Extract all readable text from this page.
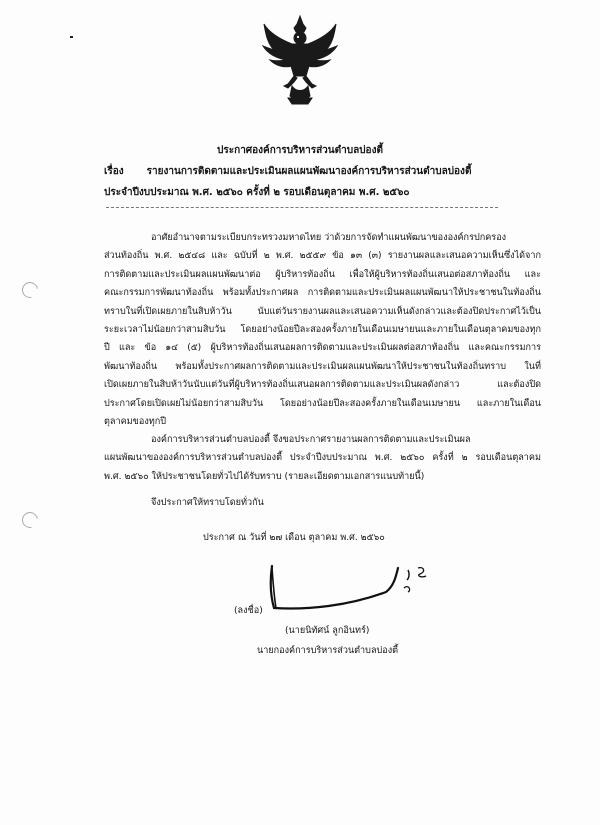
ประกาศองค์การบริหารส่วนตำบลบ่องตี้
เรื่อง รายงานการติดตามและประเมินผลแผนพัฒนาองค์การบริหารส่วนตำบลบ่องตี้
ประจำปีงบประมาณ พ.ศ. ๒๕๖๐ ครั้งที่ ๒ รอบเดือนตุลาคม พ.ศ. ๒๕๖๐
อาศัยอำนาจตามระเบียบกระทรวงมหาดไทย ว่าด้วยการจัดทำแผนพัฒนาขององค์กรปกครอง
ส่วนท้องถิ่น พ.ศ. ๒๕๔๘ และ ฉบับที่ ๒ พ.ศ. ๒๕๕๙ ข้อ ๑๓ (๓) รายงานผลและเสนอความเห็นซึ่งได้จาก
การติดตามและประเมินผลแผนพัฒนาต่อ ผู้บริหารท้องถิ่น เพื่อให้ผู้บริหารท้องถิ่นเสนอต่อสภาท้องถิ่น และ
คณะกรรมการพัฒนาท้องถิ่น พร้อมทั้งประกาศผล การติดตามและประเมินผลแผนพัฒนาให้ประชาชนในท้องถิ่น
ทราบในที่เปิดเผยภายในสิบห้าวัน นับแต่วันรายงานผลและเสนอความเห็นดังกล่าวและต้องปิดประกาศไว้เป็น
ระยะเวลาไม่น้อยกว่าสามสิบวัน โดยอย่างน้อยปีละสองครั้งภายในเดือนเมษายนและภายในเดือนตุลาคมของทุก
ปี และ ข้อ ๑๔ (๕) ผู้บริหารท้องถิ่นเสนอผลการติดตามและประเมินผลต่อสภาท้องถิ่น และคณะกรรมการ
พัฒนาท้องถิ่น พร้อมทั้งประกาศผลการติดตามและประเมินผลแผนพัฒนาให้ประชาชนในท้องถิ่นทราบ ในที่
เปิดเผยภายในสิบห้าวันนับแต่วันที่ผู้บริหารท้องถิ่นเสนอผลการติดตามและประเมินผลดังกล่าว และต้องปิด
ประกาศโดยเปิดเผยไม่น้อยกว่าสามสิบวัน โดยอย่างน้อยปีละสองครั้งภายในเดือนเมษายน และภายในเดือน
ตุลาคมของทุกปี
องค์การบริหารส่วนตำบลบ่องตี้ จึงขอประกาศรายงานผลการติดตามและประเมินผล
แผนพัฒนาขององค์การบริหารส่วนตำบลบ่องตี้ ประจำปีงบประมาณ พ.ศ. ๒๕๖๐ ครั้งที่ ๒ รอบเดือนตุลาคม
พ.ศ. ๒๕๖๐ ให้ประชาชนโดยทั่วไปได้รับทราบ (รายละเอียดตามเอกสารแนบท้ายนี้)
จึงประกาศให้ทราบโดยทั่วกัน
ประกาศ ณ วันที่ ๒๗ เดือน ตุลาคม พ.ศ. ๒๕๖๐
(ลงชื่อ)
(นายนิทัศน์ ลูกอินทร์)
นายกองค์การบริหารส่วนตำบลบ่องตี้
